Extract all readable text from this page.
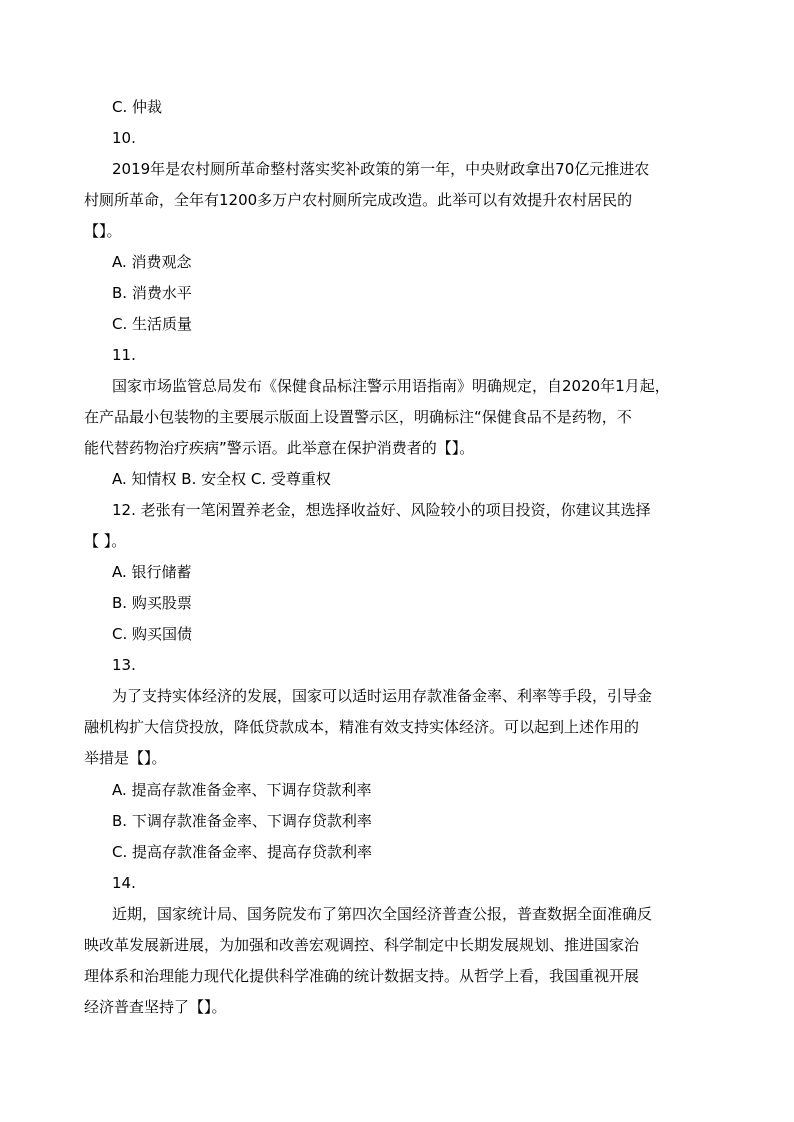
C. 仲裁
10.
2019年是农村厕所革命整村落实奖补政策的第一年，中央财政拿出70亿元推进农
村厕所革命，全年有1200多万户农村厕所完成改造。此举可以有效提升农村居民的
【】。
A. 消费观念
B. 消费水平
C. 生活质量
11.
国家市场监管总局发布《保健食品标注警示用语指南》明确规定，自2020年1月起，
在产品最小包装物的主要展示版面上设置警示区，明确标注“保健食品不是药物，不
能代替药物治疗疾病”警示语。此举意在保护消费者的【】。
A. 知情权 B. 安全权 C. 受尊重权
12. 老张有一笔闲置养老金，想选择收益好、风险较小的项目投资，你建议其选择
【 】。
A. 银行储蓄
B. 购买股票
C. 购买国债
13.
为了支持实体经济的发展，国家可以适时运用存款准备金率、利率等手段，引导金
融机构扩大信贷投放，降低贷款成本，精准有效支持实体经济。可以起到上述作用的
举措是【】。
A. 提高存款准备金率、下调存贷款利率
B. 下调存款准备金率、下调存贷款利率
C. 提高存款准备金率、提高存贷款利率
14.
近期，国家统计局、国务院发布了第四次全国经济普查公报，普查数据全面准确反
映改革发展新进展，为加强和改善宏观调控、科学制定中长期发展规划、推进国家治
理体系和治理能力现代化提供科学准确的统计数据支持。从哲学上看，我国重视开展
经济普查坚持了【】。
